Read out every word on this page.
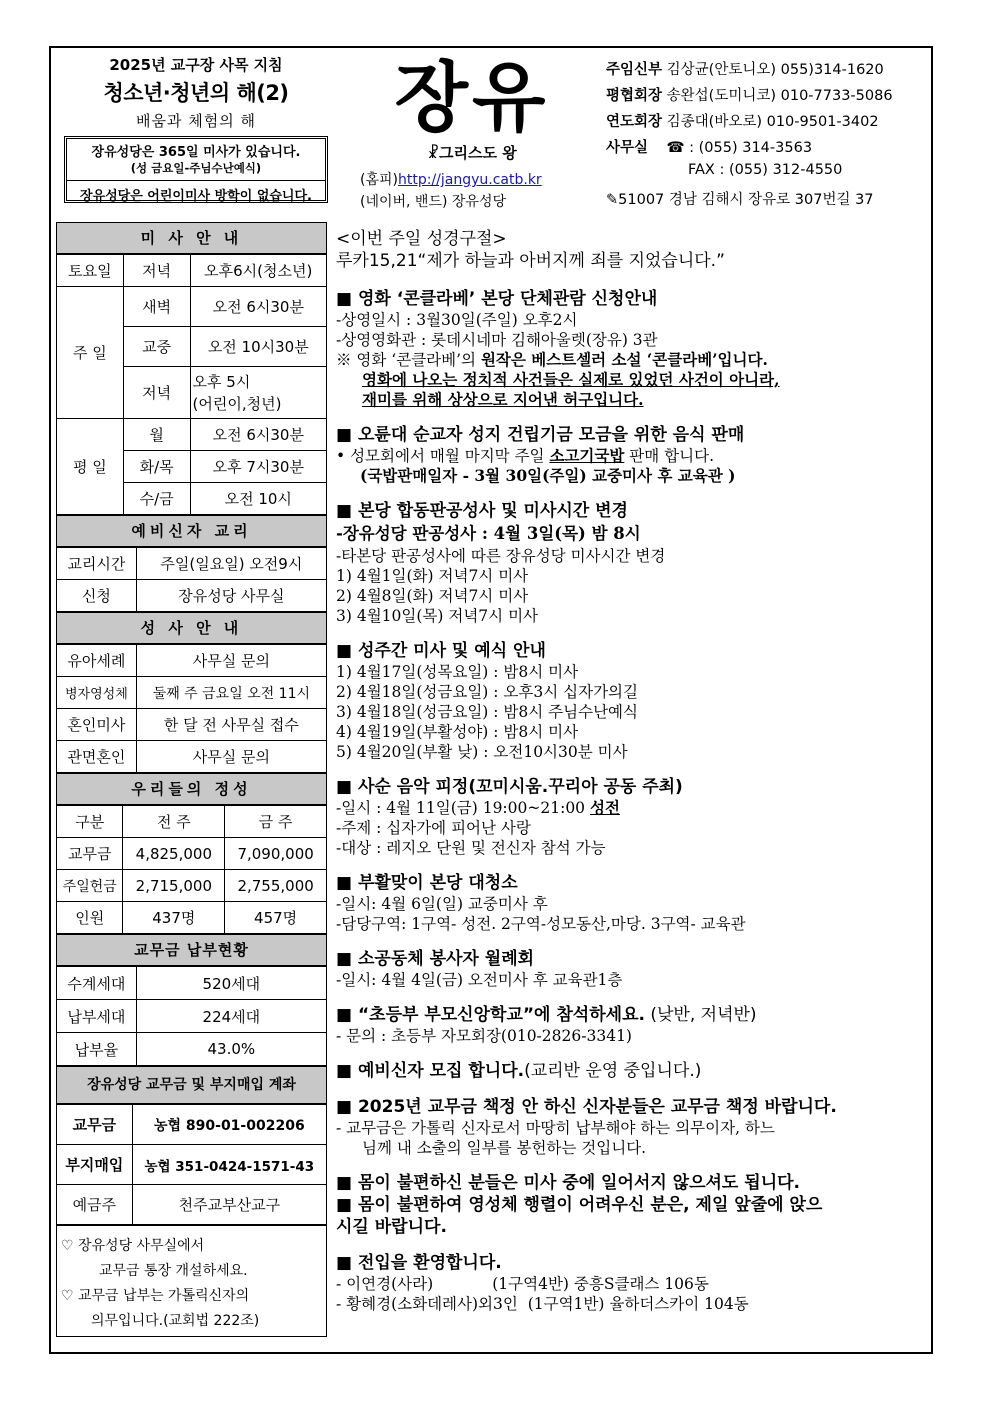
2025년 교구장 사목 지침
청소년·청년의 해(2)
배움과 체험의 해
장유성당은 365일 미사가 있습니다.
(성 금요일-주님수난예식)
장유성당은 어린이미사 방학이 없습니다.
장유
☧그리스도 왕
(홈피)http://jangyu.catb.kr
(네이버, 밴드) 장유성당
주임신부 김상균(안토니오) 055)314-1620
평협회장 송완섭(도미니코) 010-7733-5086
연도회장 김종대(바오로) 010-9501-3402
사무실 ☎ : (055) 314-3563
FAX : (055) 312-4550
✎51007 경남 김해시 장유로 307번길 37
미 사 안 내
토요일	저녁	오후6시(청소년)
주 일	새벽	오전 6시30분
	교중	오전 10시30분
	저녁	오후 5시
(어린이,청년)

평 일	월	오전 6시30분
	화/목	오후 7시30분
	수/금	오전 10시
예비신자 교리
교리시간	주일(일요일) 오전9시
신청	장유성당 사무실
성 사 안 내
유아세례	사무실 문의
병자영성체	둘째 주 금요일 오전 11시
혼인미사	한 달 전 사무실 접수
관면혼인	사무실 문의
우리들의 정성
구분	전 주	금 주
교무금	4,825,000	7,090,000
주일헌금	2,715,000	2,755,000
인원	437명	457명
교무금 납부현황
수계세대	520세대
납부세대	224세대
납부율	43.0%
장유성당 교무금 및 부지매입 계좌
교무금	농협 890-01-002206
부지매입	농협 351-0424-1571-43
예금주	천주교부산교구
♡ 장유성당 사무실에서
교무금 통장 개설하세요.
♡ 교무금 납부는 가톨릭신자의
의무입니다.(교회법 222조)
<이번 주일 성경구절>
루카15,21“제가 하늘과 아버지께 죄를 지었습니다.”
■ 영화 ‘콘클라베’ 본당 단체관람 신청안내
-상영일시 : 3월30일(주일) 오후2시
-상영영화관 : 롯데시네마 김해아울렛(장유) 3관
※ 영화 ‘콘클라베’의 원작은 베스트셀러 소설 ‘콘클라베’입니다.
영화에 나오는 정치적 사건들은 실제로 있었던 사건이 아니라,
재미를 위해 상상으로 지어낸 허구입니다.
■ 오륜대 순교자 성지 건립기금 모금을 위한 음식 판매
• 성모회에서 매월 마지막 주일 소고기국밥 판매 합니다.
(국밥판매일자 - 3월 30일(주일) 교중미사 후 교육관 )
■ 본당 합동판공성사 및 미사시간 변경
-장유성당 판공성사 : 4월 3일(목) 밤 8시
-타본당 판공성사에 따른 장유성당 미사시간 변경
1) 4월1일(화) 저녁7시 미사
2) 4월8일(화) 저녁7시 미사
3) 4월10일(목) 저녁7시 미사
■ 성주간 미사 및 예식 안내
1) 4월17일(성목요일) : 밤8시 미사
2) 4월18일(성금요일) : 오후3시 십자가의길
3) 4월18일(성금요일) : 밤8시 주님수난예식
4) 4월19일(부활성야) : 밤8시 미사
5) 4월20일(부활 낮) : 오전10시30분 미사
■ 사순 음악 피정(꼬미시움.꾸리아 공동 주최)
-일시 : 4월 11일(금) 19:00~21:00 성전
-주제 : 십자가에 피어난 사랑
-대상 : 레지오 단원 및 전신자 참석 가능
■ 부활맞이 본당 대청소
-일시: 4월 6일(일) 교중미사 후
-담당구역: 1구역- 성전. 2구역-성모동산,마당. 3구역- 교육관
■ 소공동체 봉사자 월례회
-일시: 4월 4일(금) 오전미사 후 교육관1층
■ “초등부 부모신앙학교”에 참석하세요. (낮반, 저녁반)
- 문의 : 초등부 자모회장(010-2826-3341)
■ 예비신자 모집 합니다.(교리반 운영 중입니다.)
■ 2025년 교무금 책정 안 하신 신자분들은 교무금 책정 바랍니다.
- 교무금은 가톨릭 신자로서 마땅히 납부해야 하는 의무이자, 하느
님께 내 소출의 일부를 봉헌하는 것입니다.
■ 몸이 불편하신 분들은 미사 중에 일어서지 않으셔도 됩니다.
■ 몸이 불편하여 영성체 행렬이 어려우신 분은, 제일 앞줄에 앉으
시길 바랍니다.
■ 전입을 환영합니다.
- 이연경(사라)            (1구역4반) 중흥S클래스 106동
- 황혜경(소화데레사)외3인  (1구역1반) 율하더스카이 104동
